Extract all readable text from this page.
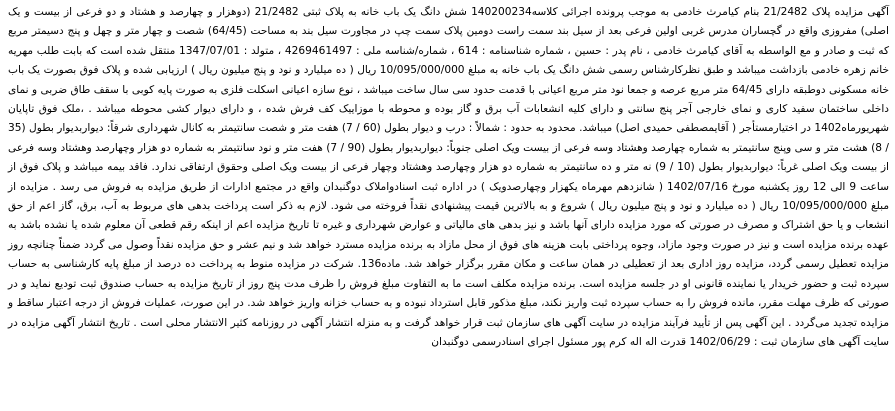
آگهی مزایده پلاک 21/2482 بنام کیامرث خادمی به موجب پرونده اجرائی کلاسه140200234 شش دانگ یک باب خانه به پلاک ثبتی 21/2482 (دوهزار و چهارصد و هشتاد و دو فرعی از بیست و یک اصلی) مفروزی واقع در گچساران مدرس غربی اولین فرعی بعد از سیل بند سمت راست دومین پلاک سمت چپ در مجاورت سیل بند به مساحت (64/45) شصت و چهار متر و چهل و پنج دسیمتر مربع که ثبت و صادر و مع الواسطه به آقای کیامرث خادمی ، نام پدر : حسین ، شماره شناسنامه : 614 ، شماره/شناسه ملی : 4269461497 ، متولد : 1347/07/01 منتقل شده است که بابت طلب مهریه خانم زهره خادمی بازداشت میباشد و طبق نظرکارشناس رسمی شش دانگ یک باب خانه به مبلغ 10/095/000/000 ریال ( ده میلیارد و نود و پنج میلیون ریال ) ارزیابی شده و پلاک فوق بصورت یک باب خانه مسکونی دوطبقه دارای 64/45 متر مربع عرصه و جمعا نود متر مربع اعیانی با قدمت حدود سی سال ساخت میباشد ، نوع سازه اعیانی اسکلت فلزی به صورت پایه کوبی با سقف طاق ضربی و نمای داخلی ساختمان سفید کاری و نمای خارجی آجر پنج سانتی و دارای کلیه انشعابات آب برق و گاز بوده و محوطه با موزاییک کف فرش شده ، و دارای دیوار کشی محوطه میباشد . ،ملک فوق تاپایان شهریورماه1402 در اختیارمستأجر ( آقایمصطفی حمیدی اصل) میباشد. محدود به حدود : شمالاً : درب و دیوار بطول (60 / 7) هفت متر و شصت سانتیمتر به کانال شهرداری شرقاً: دیواربدیوار بطول (35 / 8) هشت متر و سی وپنج سانتیمتر به شماره چهارصد وهشتاد وسه فرعی از بیست ویک اصلی جنوباً: دیواربدیوار بطول (90 / 7) هفت متر و نود سانتیمتر به شماره دو هزار وچهارصد وهشتاد وسه فرعی از بیست ویک اصلی غرباً: دیواربدیوار بطول (10 / 9) نه متر و ده سانتیمتر به شماره دو هزار وچهارصد وهشتاد وچهار فرعی از بیست ویک اصلی وحقوق ارتفاقی ندارد. فاقد بیمه میباشد و پلاک فوق از ساعت 9 الی 12 روز یکشنبه مورخ 1402/07/16 ( شانزدهم مهرماه یکهزار وچهارصدویک ) در اداره ثبت اسنادواملاک دوگنبدان واقع در مجتمع ادارات از طریق مزایده به فروش می رسد . مزایده از مبلغ 10/095/000/000 ریال ( ده میلیارد و نود و پنج میلیون ریال ) شروع و به بالاترین قیمت پیشنهادی نقداً فروخته می شود. لازم به ذکر است پرداخت بدهی های مربوط به آب، برق، گاز اعم از حق انشعاب و یا حق اشتراک و مصرف در صورتی که مورد مزایده دارای آنها باشد و نیز بدهی های مالیاتی و عوارض شهرداری و غیره تا تاریخ مزایده اعم از اینکه رقم قطعی آن معلوم شده یا نشده باشد به عهده برنده مزایده است و نیز در صورت وجود مازاد، وجوه پرداختی بابت هزینه های فوق از محل مازاد به برنده مزایده مسترد خواهد شد و نیم عشر و حق مزایده نقداً وصول می گردد ضمناً چنانچه روز مزایده تعطیل رسمی گردد، مزایده روز اداری بعد از تعطیلی در همان ساعت و مکان مقرر برگزار خواهد شد. ماده136. شرکت در مزایده منوط به پرداخت ده درصد از مبلغ پایه کارشناسی به حساب سپرده ثبت و حضور خریدار یا نماینده قانونی او در جلسه مزایده است. برنده مزایده مکلف است ما به التفاوت مبلغ فروش را ظرف مدت پنج روز از تاریخ مزایده به حساب صندوق ثبت تودیع نماید و در صورتی که ظرف مهلت مقرر، مانده فروش را به حساب سپرده ثبت واریز نکند، مبلغ مذکور قابل استرداد نبوده و به حساب خزانه واریز خواهد شد. در این صورت، عملیات فروش از درجه اعتبار ساقط و مزایده تجدید می‌گردد . این آگهی پس از تأیید فرآیند مزایده در سایت آگهی های سازمان ثبت قرار خواهد گرفت و به منزله انتشار آگهی در روزنامه کثیر الانتشار محلی است . تاریخ انتشار آگهی مزایده در سایت آگهی های سازمان ثبت : 1402/06/29 قدرت اله اله کرم پور مسئول اجرای اسنادرسمی دوگنبدان
